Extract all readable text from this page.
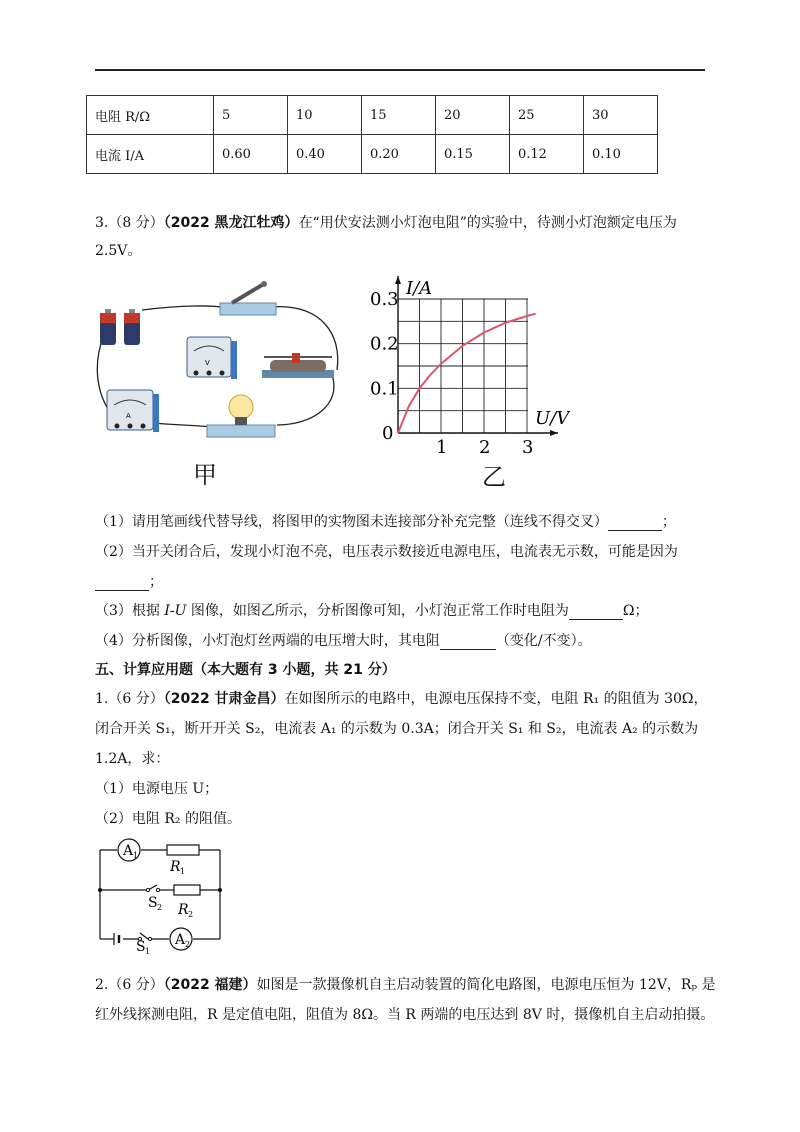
电阻 R/Ω	5	10	15	20	25	30
电流 I/A	0.60	0.40	0.20	0.15	0.12	0.10
3.（8 分）（2022 黑龙江牡鸡）在“用伏安法测小灯泡电阻”的实验中，待测小灯泡额定电压为
2.5V。
V
A
甲
1 2 3
0.1
0.2
0.3
0
I/A
U/V
乙
（1）请用笔画线代替导线，将图甲的实物图未连接部分补充完整（连线不得交叉）	；
（2）当开关闭合后，发现小灯泡不亮，电压表示数接近电源电压，电流表无示数，可能是因为
；
（3）根据 I-U 图像，如图乙所示，分析图像可知，小灯泡正常工作时电阻为	Ω；
（4）分析图像，小灯泡灯丝两端的电压增大时，其电阻	（变化/不变）。
五、计算应用题（本大题有 3 小题，共 21 分）
1.（6 分）（2022 甘肃金昌）在如图所示的电路中，电源电压保持不变，电阻 R₁ 的阻值为 30Ω，
闭合开关 S₁，断开开关 S₂，电流表 A₁ 的示数为 0.3A；闭合开关 S₁ 和 S₂，电流表 A₂ 的示数为
1.2A，求：
（1）电源电压 U；
（2）电阻 R₂ 的阻值。
A 1
A 2
R 1
R 2
S 2
S 1
2.（6 分）（2022 福建）如图是一款摄像机自主启动装置的简化电路图，电源电压恒为 12V，Rₚ 是
红外线探测电阻，R 是定值电阻，阻值为 8Ω。当 R 两端的电压达到 8V 时，摄像机自主启动拍摄。
